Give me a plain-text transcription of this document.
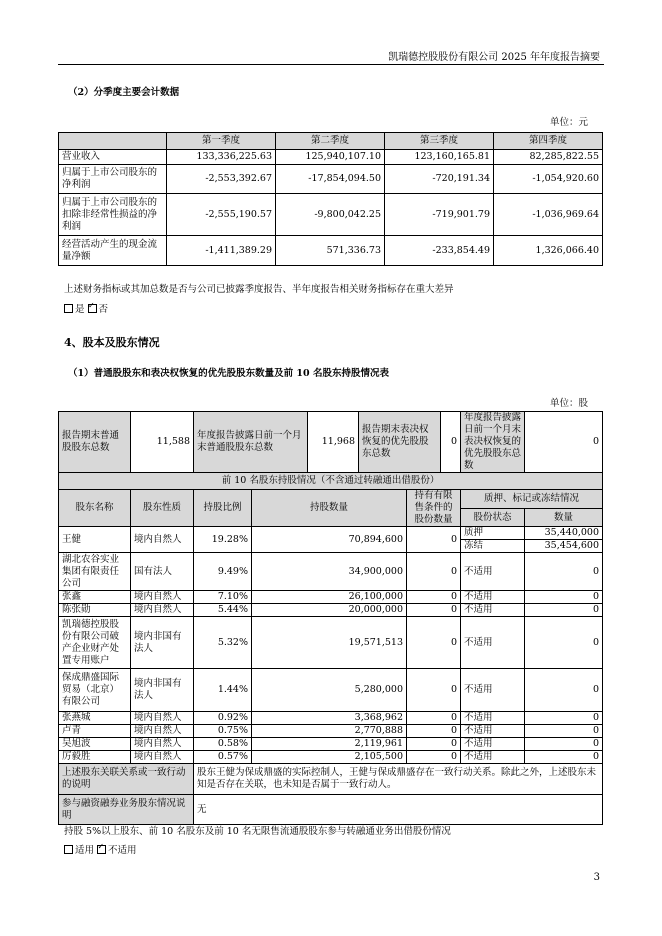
凯瑞德控股股份有限公司 2025 年年度报告摘要
（2）分季度主要会计数据
单位：元
	第一季度	第二季度	第三季度	第四季度
营业收入	133,336,225.63	125,940,107.10	123,160,165.81	82,285,822.55
归属于上市公司股东的净利润	-2,553,392.67	-17,854,094.50	-720,191.34	-1,054,920.60
归属于上市公司股东的扣除非经常性损益的净利润	-2,555,190.57	-9,800,042.25	-719,901.79	-1,036,969.64
经营活动产生的现金流量净额	-1,411,389.29	571,336.73	-233,854.49	1,326,066.40
上述财务指标或其加总数是否与公司已披露季度报告、半年度报告相关财务指标存在重大差异
是 ✓ 否
4、股本及股东情况
（1）普通股股东和表决权恢复的优先股股东数量及前 10 名股东持股情况表
单位：股
报告期末普通股股东总数	11,588	年度报告披露日前一个月末普通股股东总数		11,968	报告期末表决权恢复的优先股股东总数		0	年度报告披露日前一个月末表决权恢复的优先股股东总数	0
前 10 名股东持股情况（不含通过转融通出借股份）									
股东名称	股东性质	持股比例	持股数量			持有有限售条件的股份数量		质押、标记或冻结情况	
								股份状态	数量
王健	境内自然人	19.28%	70,894,600			0		质押	35,440,000
								冻结	35,454,600
湖北农谷实业集团有限责任公司	国有法人	9.49%	34,900,000			0		不适用	0
张鑫	境内自然人	7.10%	26,100,000			0		不适用	0
陈张勋	境内自然人	5.44%	20,000,000			0		不适用	0
凯瑞德控股股份有限公司破产企业财产处置专用账户	境内非国有法人	5.32%	19,571,513			0		不适用	0
保成鼎盛国际贸易（北京）有限公司	境内非国有法人	1.44%	5,280,000			0		不适用	0
张燕城	境内自然人	0.92%	3,368,962			0		不适用	0
卢青	境内自然人	0.75%	2,770,888			0		不适用	0
吴旭波	境内自然人	0.58%	2,119,961			0		不适用	0
厉毅胜	境内自然人	0.57%	2,105,500			0		不适用	0
上述股东关联关系或一致行动的说明		股东王健为保成鼎盛的实际控制人，王健与保成鼎盛存在一致行动关系。除此之外，上述股东未知是否存在关联，也未知是否属于一致行动人。							
参与融资融券业务股东情况说明		无							
持股 5%以上股东、前 10 名股东及前 10 名无限售流通股股东参与转融通业务出借股份情况
适用 ✓ 不适用
3
